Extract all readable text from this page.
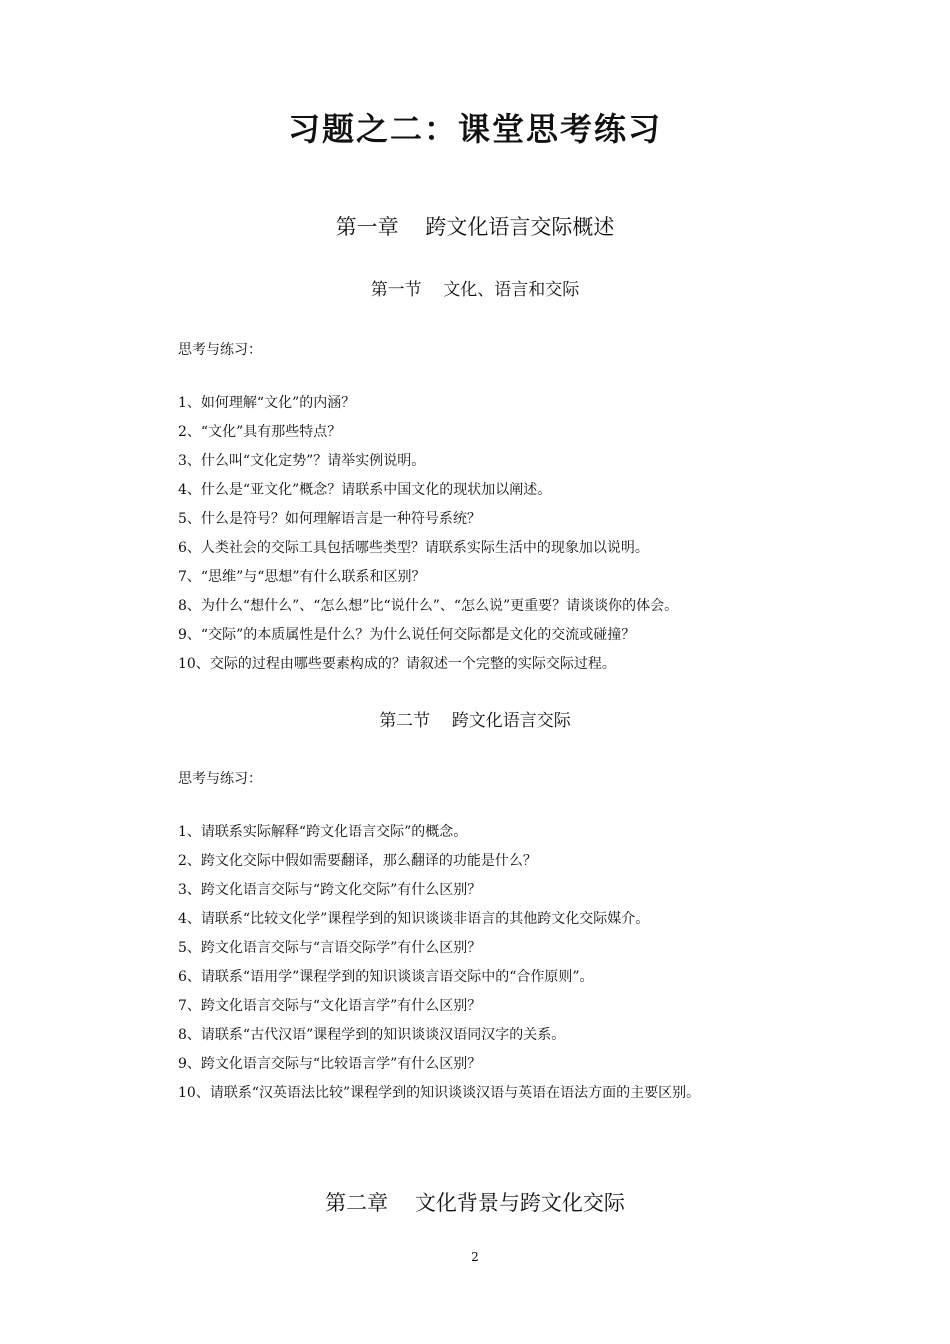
习题之二：课堂思考练习
第一章    跨文化语言交际概述
第一节    文化、语言和交际

思考与练习：

1、如何理解“文化”的内涵？
2、“文化”具有那些特点？
3、什么叫“文化定势”？请举实例说明。
4、什么是“亚文化”概念？请联系中国文化的现状加以阐述。
5、什么是符号？如何理解语言是一种符号系统？
6、人类社会的交际工具包括哪些类型？请联系实际生活中的现象加以说明。
7、“思维”与“思想”有什么联系和区别？
8、为什么“想什么”、“怎么想”比“说什么”、“怎么说”更重要？请谈谈你的体会。
9、“交际”的本质属性是什么？为什么说任何交际都是文化的交流或碰撞？
10、交际的过程由哪些要素构成的？请叙述一个完整的实际交际过程。
第二节    跨文化语言交际

思考与练习：

1、请联系实际解释“跨文化语言交际”的概念。
2、跨文化交际中假如需要翻译，那么翻译的功能是什么？
3、跨文化语言交际与“跨文化交际”有什么区别？
4、请联系“比较文化学”课程学到的知识谈谈非语言的其他跨文化交际媒介。
5、跨文化语言交际与“言语交际学”有什么区别？
6、请联系“语用学”课程学到的知识谈谈言语交际中的“合作原则”。
7、跨文化语言交际与“文化语言学”有什么区别？
8、请联系“古代汉语”课程学到的知识谈谈汉语同汉字的关系。
9、跨文化语言交际与“比较语言学”有什么区别？
10、请联系“汉英语法比较”课程学到的知识谈谈汉语与英语在语法方面的主要区别。
第二章    文化背景与跨文化交际
2
